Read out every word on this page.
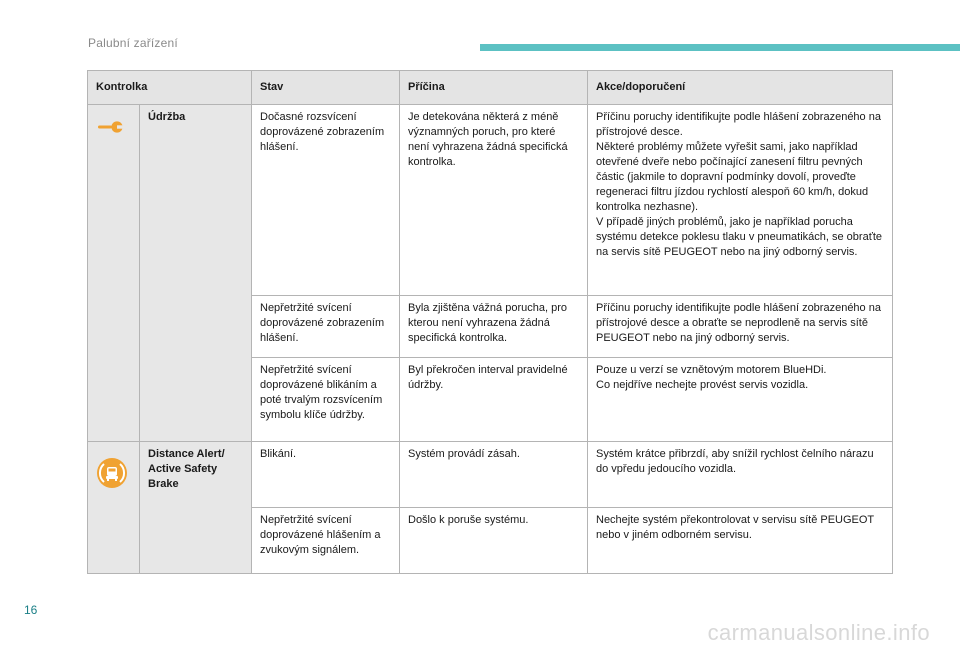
Palubní zařízení
Kontrolka		Stav	Příčina	Akce/doporučení
	Údržba	Dočasné rozsvícení doprovázené zobrazením hlášení.	Je detekována některá z méně významných poruch, pro které není vyhrazena žádná specifická kontrolka.	Příčinu poruchy identifikujte podle hlášení zobrazeného na přístrojové desce.
Některé problémy můžete vyřešit sami, jako například otevřené dveře nebo počínající zanesení filtru pevných částic (jakmile to dopravní podmínky dovolí, proveďte regeneraci filtru jízdou rychlostí alespoň 60 km/h, dokud kontrolka nezhasne).
V případě jiných problémů, jako je například porucha systému detekce poklesu tlaku v pneumatikách, se obraťte na servis sítě PEUGEOT nebo na jiný odborný servis.
		Nepřetržité svícení doprovázené zobrazením hlášení.	Byla zjištěna vážná porucha, pro kterou není vyhrazena žádná specifická kontrolka.	Příčinu poruchy identifikujte podle hlášení zobrazeného na přístrojové desce a obraťte se neprodleně na servis sítě PEUGEOT nebo na jiný odborný servis.
		Nepřetržité svícení doprovázené blikáním a poté trvalým rozsvícením symbolu klíče údržby.	Byl překročen interval pravidelné údržby.	Pouze u verzí se vznětovým motorem BlueHDi.
Co nejdříve nechejte provést servis vozidla.
	Distance Alert/ Active Safety Brake	Blikání.	Systém provádí zásah.	Systém krátce přibrzdí, aby snížil rychlost čelního nárazu do vpředu jedoucího vozidla.
		Nepřetržité svícení doprovázené hlášením a zvukovým signálem.	Došlo k poruše systému.	Nechejte systém překontrolovat v servisu sítě PEUGEOT nebo v jiném odborném servisu.
16
carmanualsonline.info
